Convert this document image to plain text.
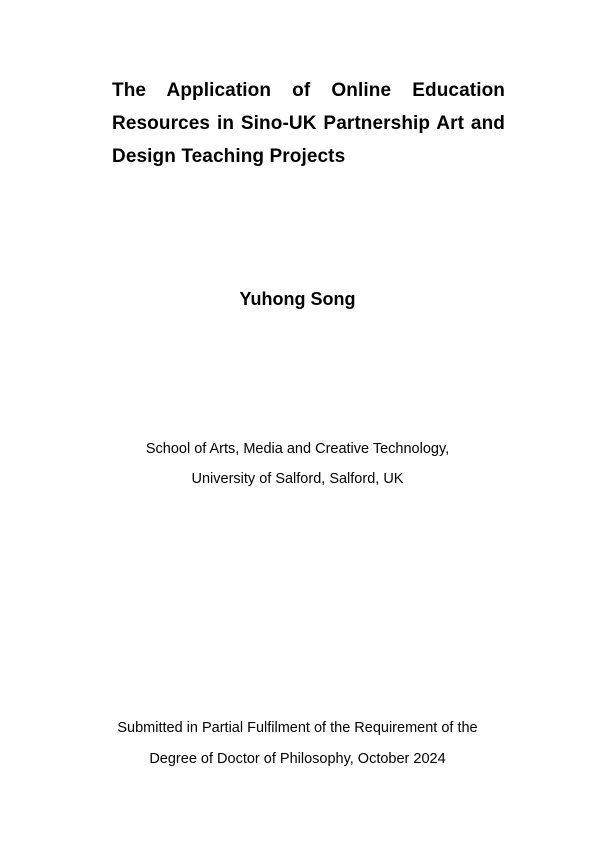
The Application of Online Education Resources in Sino-UK Partnership Art and Design Teaching Projects
Yuhong Song
School of Arts, Media and Creative Technology,
University of Salford, Salford, UK
Submitted in Partial Fulfilment of the Requirement of the
Degree of Doctor of Philosophy, October 2024
